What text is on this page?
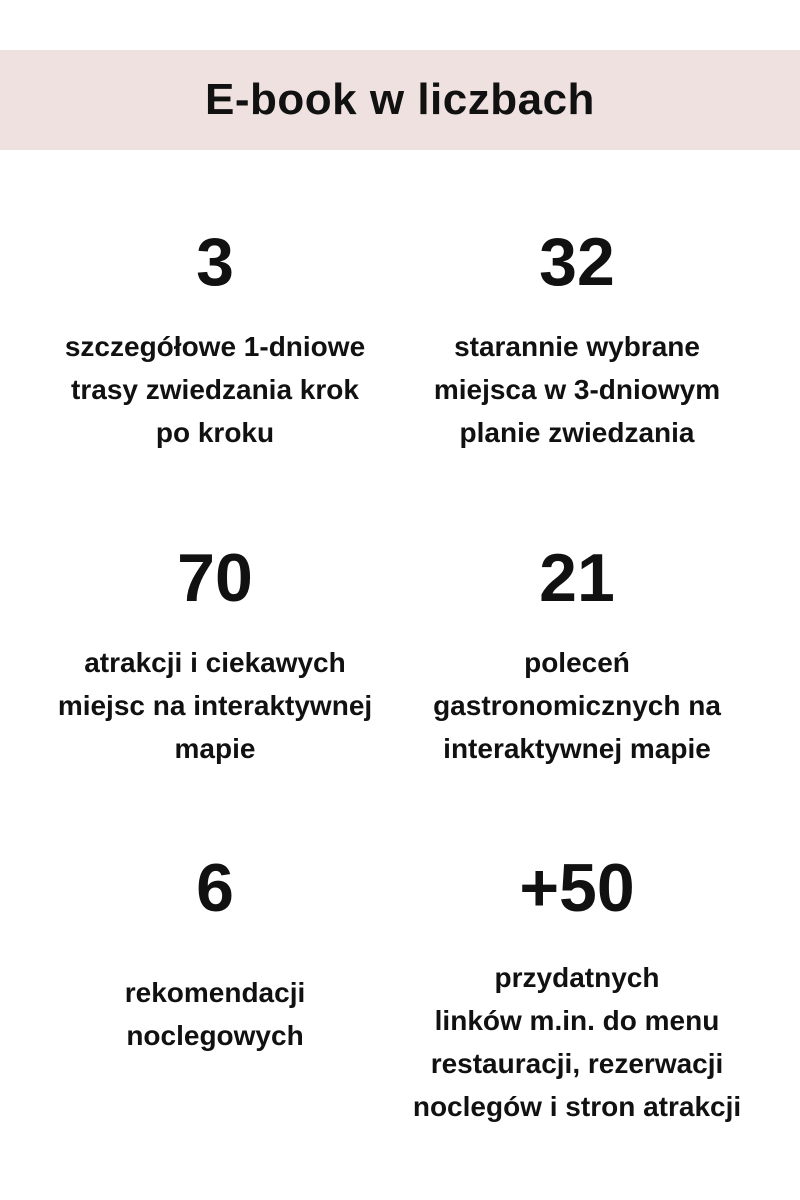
E-book w liczbach
3
szczegółowe 1-dniowe
trasy zwiedzania krok
po kroku
32
starannie wybrane
miejsca w 3-dniowym
planie zwiedzania
70
atrakcji i ciekawych
miejsc na interaktywnej
mapie
21
poleceń
gastronomicznych na
interaktywnej mapie
6
rekomendacji
noclegowych
+50
przydatnych
linków m.in. do menu
restauracji, rezerwacji
noclegów i stron atrakcji
